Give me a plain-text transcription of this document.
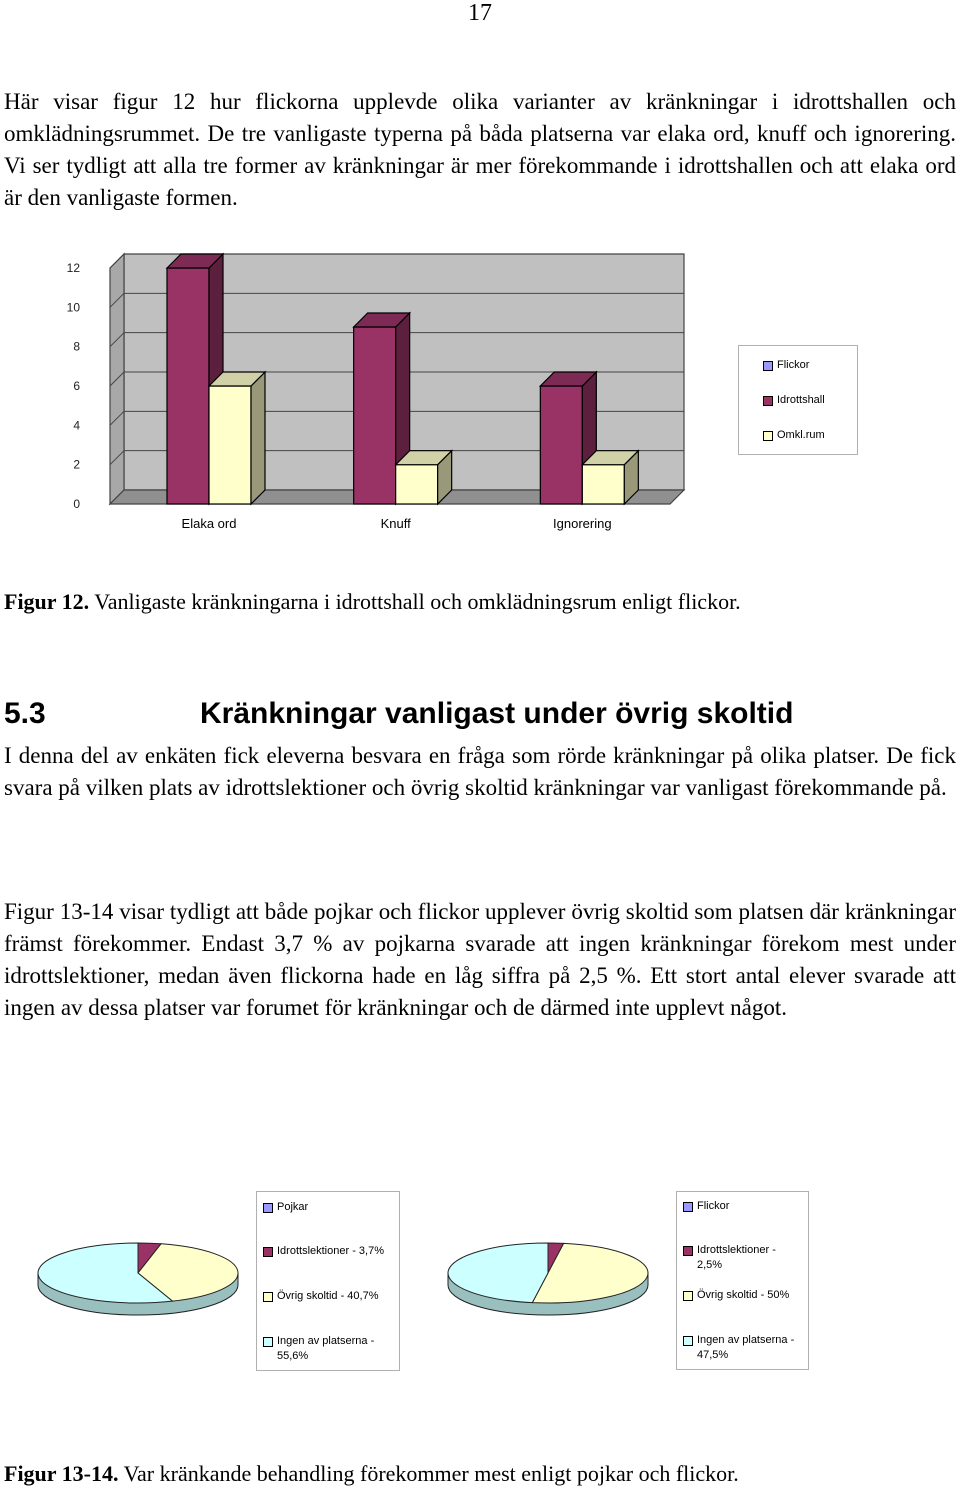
17
Här visar figur 12 hur flickorna upplevde olika varianter av kränkningar i idrottshallen och omklädningsrummet. De tre vanligaste typerna på båda platserna var elaka ord, knuff och ignorering. Vi ser tydligt att alla tre former av kränkningar är mer förekommande i idrottshallen och att elaka ord är den vanligaste formen.
0
2
4
6
8
10
12
Elaka ord	Knuff	Ignorering
Flickor
Idrottshall
Omkl.rum
Figur 12. Vanligaste kränkningarna i idrottshall och omklädningsrum enligt flickor.
5.3	Kränkningar vanligast under övrig skoltid
I denna del av enkäten fick eleverna besvara en fråga som rörde kränkningar på olika platser. De fick svara på vilken plats av idrottslektioner och övrig skoltid kränkningar var vanligast förekommande på.
Figur 13-14 visar tydligt att både pojkar och flickor upplever övrig skoltid som platsen där kränkningar främst förekommer. Endast 3,7 % av pojkarna svarade att ingen kränkningar förekom mest under idrottslektioner, medan även flickorna hade en låg siffra på 2,5 %. Ett stort antal elever svarade att ingen av dessa platser var forumet för kränkningar och de därmed inte upplevt något.
Pojkar
Idrottslektioner - 3,7%
Övrig skoltid - 40,7%
Ingen av platserna - 55,6%
Flickor
Idrottslektioner - 2,5%
Övrig skoltid - 50%
Ingen av platserna - 47,5%
Figur 13-14. Var kränkande behandling förekommer mest enligt pojkar och flickor.
